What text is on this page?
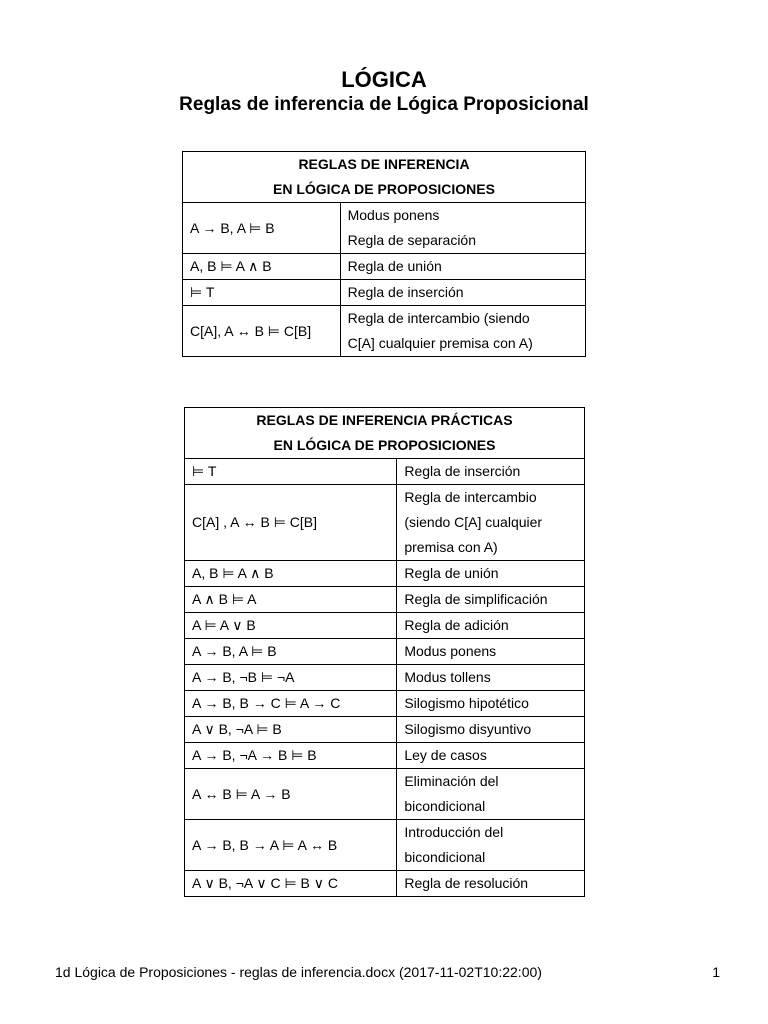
LÓGICA
Reglas de inferencia de Lógica Proposicional
REGLAS DE INFERENCIA
EN LÓGICA DE PROPOSICIONES	

A → B, A ⊨ B	Modus ponens
Regla de separación

A, B ⊨ A ∧ B	Regla de unión

⊨ T	Regla de inserción

C[A], A ↔ B ⊨ C[B]	Regla de intercambio (siendo
C[A] cualquier premisa con A)
REGLAS DE INFERENCIA PRÁCTICAS
EN LÓGICA DE PROPOSICIONES	

⊨ T	Regla de inserción

C[A] , A ↔ B ⊨ C[B]	Regla de intercambio
(siendo C[A] cualquier
premisa con A)

A, B ⊨ A ∧ B	Regla de unión

A ∧ B ⊨ A	Regla de simplificación

A ⊨ A ∨ B	Regla de adición

A → B, A ⊨ B	Modus ponens

A → B, ¬B ⊨ ¬A	Modus tollens

A → B, B → C ⊨ A → C	Silogismo hipotético

A ∨ B, ¬A ⊨ B	Silogismo disyuntivo

A → B, ¬A → B ⊨ B	Ley de casos

A ↔ B ⊨ A → B	Eliminación del
bicondicional

A → B, B → A ⊨ A ↔ B	Introducción del
bicondicional

A ∨ B, ¬A ∨ C ⊨ B ∨ C	Regla de resolución
1d Lógica de Proposiciones - reglas de inferencia.docx (2017-11-02T10:22:00)	1
